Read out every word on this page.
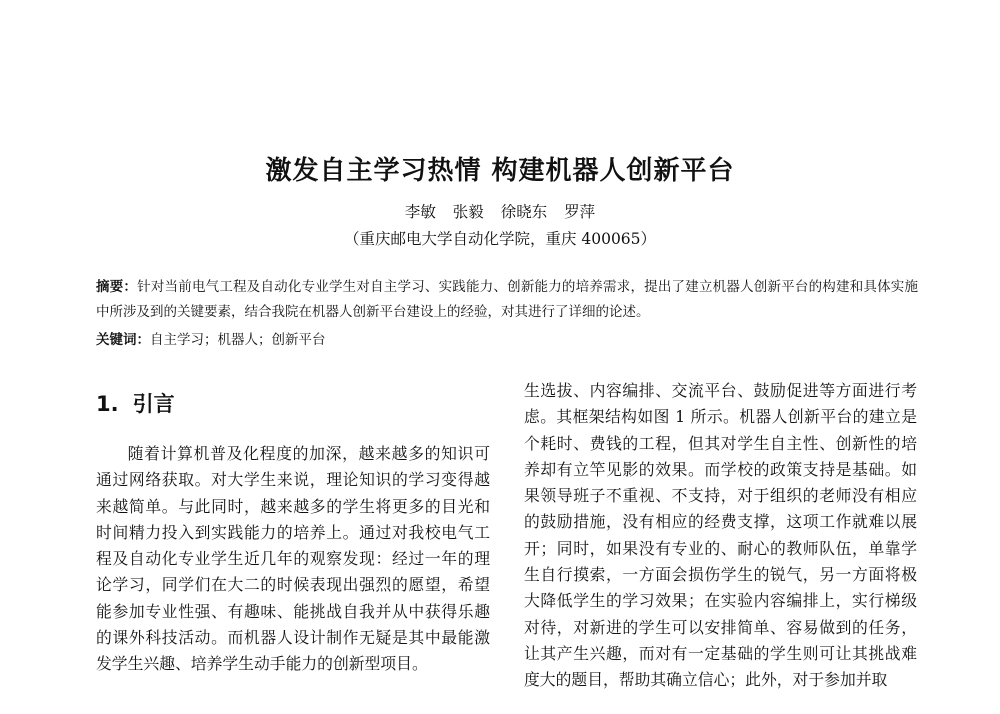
激发自主学习热情 构建机器人创新平台
李敏 张毅 徐晓东 罗萍
（重庆邮电大学自动化学院，重庆 400065）
摘要：针对当前电气工程及自动化专业学生对自主学习、实践能力、创新能力的培养需求，提出了建立机器人创新平台的构建和具体实施中所涉及到的关键要素，结合我院在机器人创新平台建设上的经验，对其进行了详细的论述。
关键词：自主学习；机器人；创新平台
1. 引言

随着计算机普及化程度的加深，越来越多的知识可通过网络获取。对大学生来说，理论知识的学习变得越来越简单。与此同时，越来越多的学生将更多的目光和时间精力投入到实践能力的培养上。通过对我校电气工程及自动化专业学生近几年的观察发现：经过一年的理论学习，同学们在大二的时候表现出强烈的愿望，希望能参加专业性强、有趣味、能挑战自我并从中获得乐趣的课外科技活动。而机器人设计制作无疑是其中最能激发学生兴趣、培养学生动手能力的创新型项目。

生选拔、内容编排、交流平台、鼓励促进等方面进行考虑。其框架结构如图 1 所示。机器人创新平台的建立是个耗时、费钱的工程，但其对学生自主性、创新性的培养却有立竿见影的效果。而学校的政策支持是基础。如果领导班子不重视、不支持，对于组织的老师没有相应的鼓励措施，没有相应的经费支撑，这项工作就难以展开；同时，如果没有专业的、耐心的教师队伍，单靠学生自行摸索，一方面会损伤学生的锐气，另一方面将极大降低学生的学习效果；在实验内容编排上，实行梯级对待，对新进的学生可以安排简单、容易做到的任务，让其产生兴趣，而对有一定基础的学生则可让其挑战难度大的题目，帮助其确立信心；此外，对于参加并取
